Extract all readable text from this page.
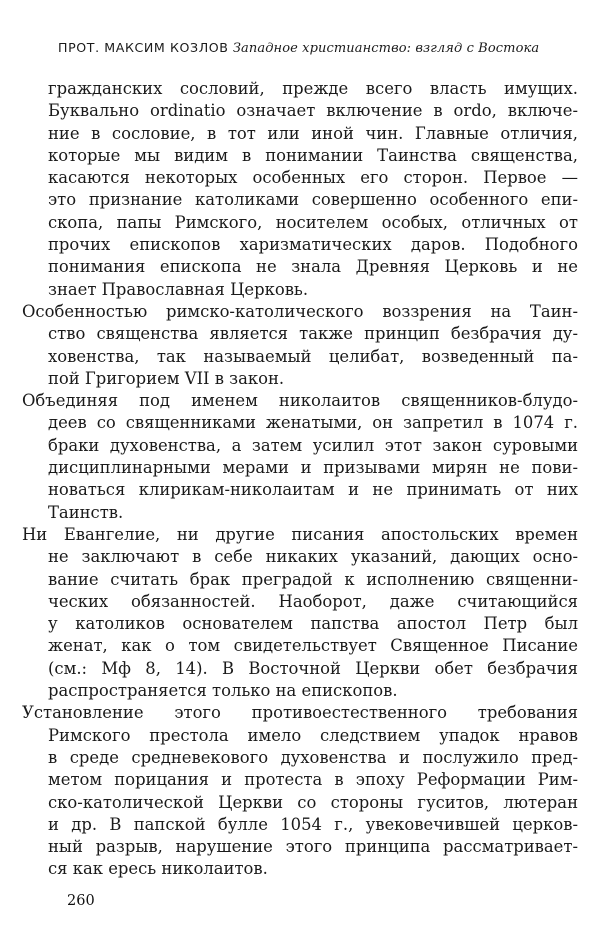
ПРОТ. МАКСИМ КОЗЛОВ Западное христианство: взгляд с Востока

гражданских сословий, прежде всего власть имущих.
Буквально ordinatio означает включение в ordo, включе-
ние в сословие, в тот или иной чин. Главные отличия,
которые мы видим в понимании Таинства священства,
касаются некоторых особенных его сторон. Первое —
это признание католиками совершенно особенного епи-
скопа, папы Римского, носителем особых, отличных от
прочих епископов харизматических даров. Подобного
понимания епископа не знала Древняя Церковь и не
знает Православная Церковь.

Особенностью римско-католического воззрения на Таин-
ство священства является также принцип безбрачия ду-
ховенства, так называемый целибат, возведенный па-
пой Григорием VII в закон.

Объединяя под именем николаитов священников-блудо-
деев со священниками женатыми, он запретил в 1074 г.
браки духовенства, а затем усилил этот закон суровыми
дисциплинарными мерами и призывами мирян не пови-
новаться клирикам-николаитам и не принимать от них
Таинств.

Ни Евангелие, ни другие писания апостольских времен
не заключают в себе никаких указаний, дающих осно-
вание считать брак преградой к исполнению священни-
ческих обязанностей. Наоборот, даже считающийся
у католиков основателем папства апостол Петр был
женат, как о том свидетельствует Священное Писание
(см.: Мф 8, 14). В Восточной Церкви обет безбрачия
распространяется только на епископов.

Установление этого противоестественного требования
Римского престола имело следствием упадок нравов
в среде средневекового духовенства и послужило пред-
метом порицания и протеста в эпоху Реформации Рим-
ско-католической Церкви со стороны гуситов, лютеран
и др. В папской булле 1054 г., увековечившей церков-
ный разрыв, нарушение этого принципа рассматривает-
ся как ересь николаитов.

260
